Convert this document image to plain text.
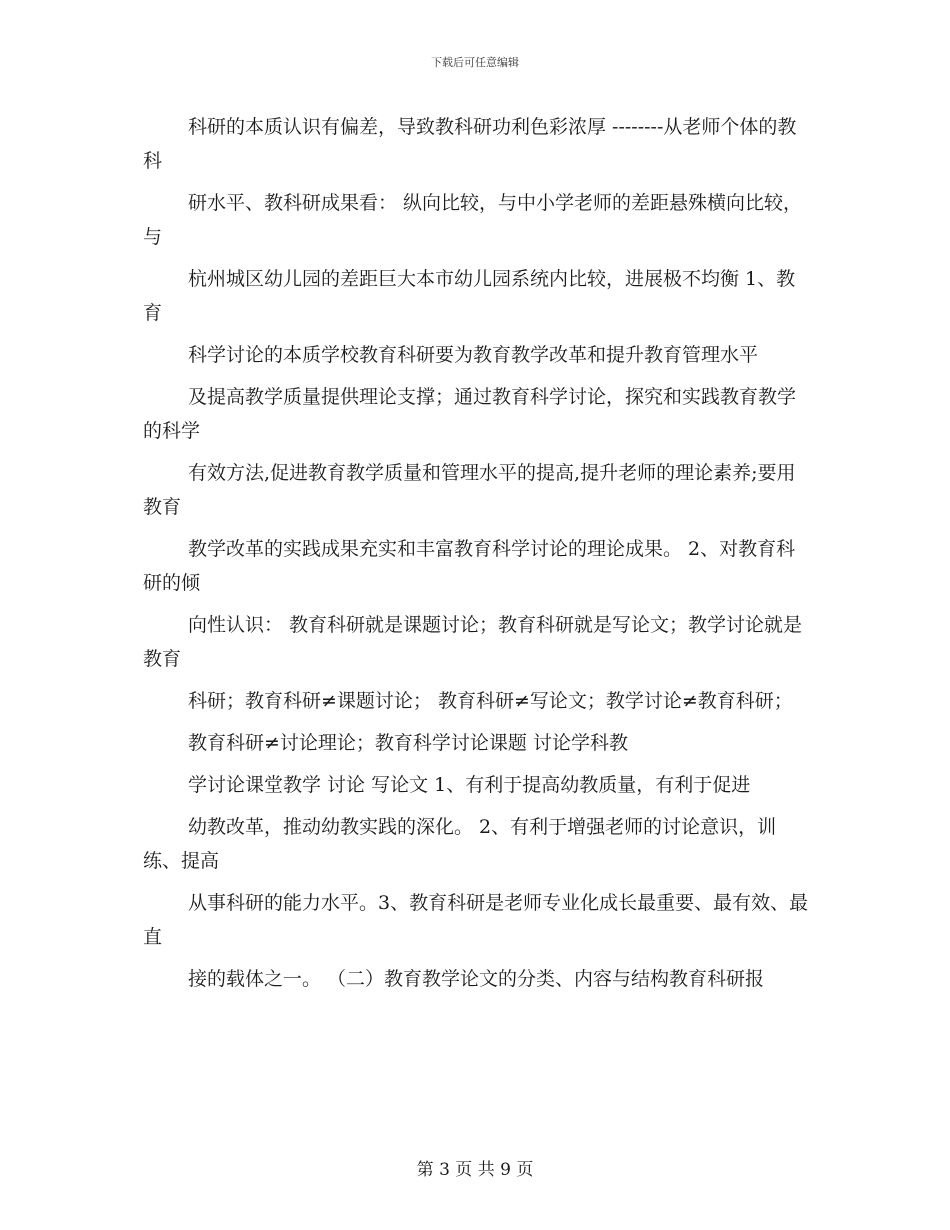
下载后可任意编辑

科研的本质认识有偏差，导致教科研功利色彩浓厚 --------从老师个体的教科

研水平、教科研成果看： 纵向比较，与中小学老师的差距悬殊横向比较，与

杭州城区幼儿园的差距巨大本市幼儿园系统内比较，进展极不均衡 1、教育

科学讨论的本质学校教育科研要为教育教学改革和提升教育管理水平

及提高教学质量提供理论支撑；通过教育科学讨论，探究和实践教育教学的科学

有效方法,促进教育教学质量和管理水平的提高,提升老师的理论素养;要用教育

教学改革的实践成果充实和丰富教育科学讨论的理论成果。 2、对教育科研的倾

向性认识： 教育科研就是课题讨论；教育科研就是写论文；教学讨论就是教育

科研；教育科研≠课题讨论； 教育科研≠写论文；教学讨论≠教育科研；

教育科研≠讨论理论；教育科学讨论课题 讨论学科教

学讨论课堂教学 讨论 写论文 1、有利于提高幼教质量，有利于促进

幼教改革，推动幼教实践的深化。 2、有利于增强老师的讨论意识，训练、提高

从事科研的能力水平。3、教育科研是老师专业化成长最重要、最有效、最直

接的载体之一。 （二）教育教学论文的分类、内容与结构教育科研报

第 3 页 共 9 页
